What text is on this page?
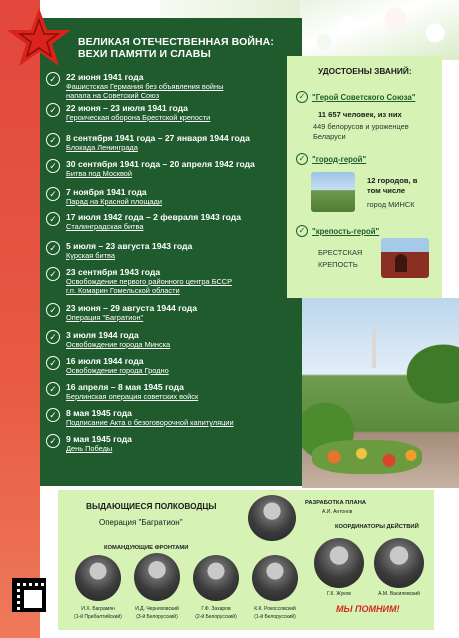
ВЕЛИКАЯ ОТЕЧЕСТВЕННАЯ ВОЙНА: ВЕХИ ПАМЯТИ И СЛАВЫ
✓	22 июня 1941 года
Фашистская Германия без объявления войны
напала на Советский Союз
✓	22 июня – 23 июля 1941 года
Героическая оборона Брестской крепости
✓	8 сентября 1941 года – 27 января 1944 года
Блокада Ленинграда
✓	30 сентября 1941 года – 20 апреля 1942 года
Битва под Москвой
✓	7 ноября 1941 года
Парад на Красной площади
✓	17 июля 1942 года – 2 февраля 1943 года
Сталинградская битва
✓	5 июля – 23 августа 1943 года
Курская битва
✓	23 сентября 1943 года
Освобождение первого районного центра БССР
г.п. Комарин Гомельской области
✓	23 июня – 29 августа 1944 года
Операция "Багратион"
✓	3 июля 1944 года
Освобождение города Минска
✓	16 июля 1944 года
Освобождение города Гродно
✓	16 апреля – 8 мая 1945 года
Берлинская операция советских войск
✓	8 мая 1945 года
Подписание Акта о безоговорочной капитуляции
✓	9 мая 1945 года
День Победы
УДОСТОЕНЫ ЗВАНИЙ:
✓ "Герой Советского Союза"
11 657 человек, из них
449 белорусов и уроженцев
Беларуси
✓ "город-герой"
12 городов, в
том числе
город МИНСК
✓ "крепость-герой"
БРЕСТСКАЯ
КРЕПОСТЬ
ВЫДАЮЩИЕСЯ ПОЛКОВОДЦЫ
Операция "Багратион"
КОМАНДУЮЩИЕ ФРОНТАМИ
РАЗРАБОТКА ПЛАНА
А.И. Антонов
КООРДИНАТОРЫ ДЕЙСТВИЙ
И.Х. Баграмян
(1-й Прибалтийский)
И.Д. Черняховский
(3-й Белорусский)
Г.Ф. Захаров
(2-й Белорусский)
К.К. Рокоссовский
(1-й Белорусский)
Г.К. Жуков	А.М. Василевский
МЫ ПОМНИМ!
